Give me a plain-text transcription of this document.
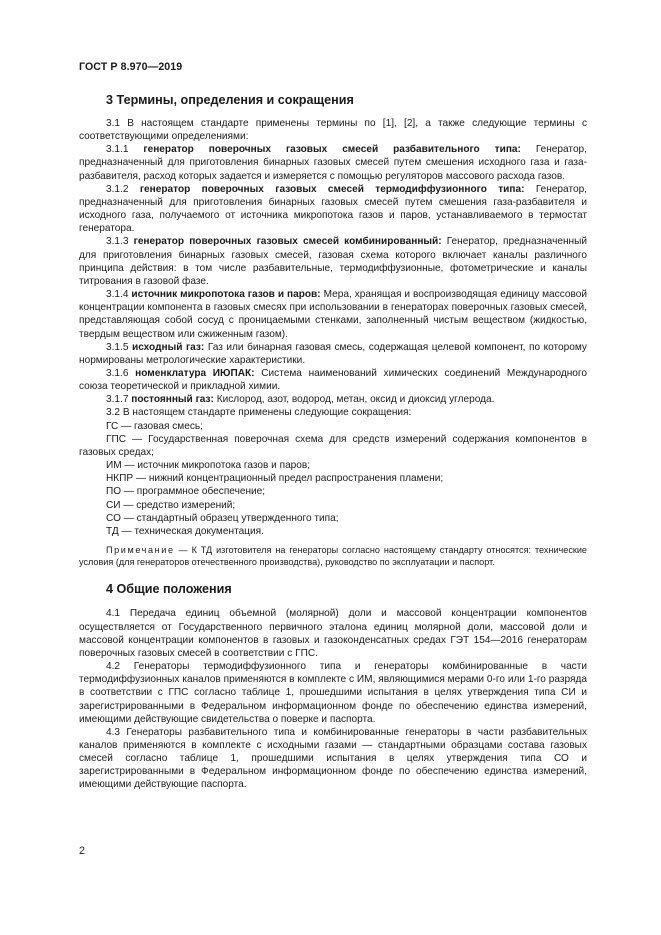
ГОСТ Р 8.970—2019
3 Термины, определения и сокращения

3.1 В настоящем стандарте применены термины по [1], [2], а также следующие термины с соответствующими определениями:

3.1.1 генератор поверочных газовых смесей разбавительного типа: Генератор, предназначенный для приготовления бинарных газовых смесей путем смешения исходного газа и газа-разбавителя, расход которых задается и измеряется с помощью регуляторов массового расхода газов.

3.1.2 генератор поверочных газовых смесей термодиффузионного типа: Генератор, предназначенный для приготовления бинарных газовых смесей путем смешения газа-разбавителя и исходного газа, получаемого от источника микропотока газов и паров, устанавливаемого в термостат генератора.

3.1.3 генератор поверочных газовых смесей комбинированный: Генератор, предназначенный для приготовления бинарных газовых смесей, газовая схема которого включает каналы различного принципа действия: в том числе разбавительные, термодиффузионные, фотометрические и каналы титрования в газовой фазе.

3.1.4 источник микропотока газов и паров: Мера, хранящая и воспроизводящая единицу массовой концентрации компонента в газовых смесях при использовании в генераторах поверочных газовых смесей, представляющая собой сосуд с проницаемыми стенками, заполненный чистым веществом (жидкостью, твердым веществом или сжиженным газом).

3.1.5 исходный газ: Газ или бинарная газовая смесь, содержащая целевой компонент, по которому нормированы метрологические характеристики.

3.1.6 номенклатура ИЮПАК: Система наименований химических соединений Международного союза теоретической и прикладной химии.

3.1.7 постоянный газ: Кислород, азот, водород, метан, оксид и диоксид углерода.

3.2 В настоящем стандарте применены следующие сокращения:

ГС — газовая смесь;

ГПС — Государственная поверочная схема для средств измерений содержания компонентов в газовых средах;

ИМ — источник микропотока газов и паров;

НКПР — нижний концентрационный предел распространения пламени;

ПО — программное обеспечение;

СИ — средство измерений;

СО — стандартный образец утвержденного типа;

ТД — техническая документация.

Примечание — К ТД изготовителя на генераторы согласно настоящему стандарту относятся: технические условия (для генераторов отечественного производства), руководство по эксплуатации и паспорт.

4 Общие положения

4.1 Передача единиц объемной (молярной) доли и массовой концентрации компонентов осуществляется от Государственного первичного эталона единиц молярной доли, массовой доли и массовой концентрации компонентов в газовых и газоконденсатных средах ГЭТ 154—2016 генераторам поверочных газовых смесей в соответствии с ГПС.

4.2 Генераторы термодиффузионного типа и генераторы комбинированные в части термодиффузионных каналов применяются в комплекте с ИМ, являющимися мерами 0-го или 1-го разряда в соответствии с ГПС согласно таблице 1, прошедшими испытания в целях утверждения типа СИ и зарегистрированными в Федеральном информационном фонде по обеспечению единства измерений, имеющими действующие свидетельства о поверке и паспорта.

4.3 Генераторы разбавительного типа и комбинированные генераторы в части разбавительных каналов применяются в комплекте с исходными газами — стандартными образцами состава газовых смесей согласно таблице 1, прошедшими испытания в целях утверждения типа СО и зарегистрированными в Федеральном информационном фонде по обеспечению единства измерений, имеющими действующие паспорта.

2
